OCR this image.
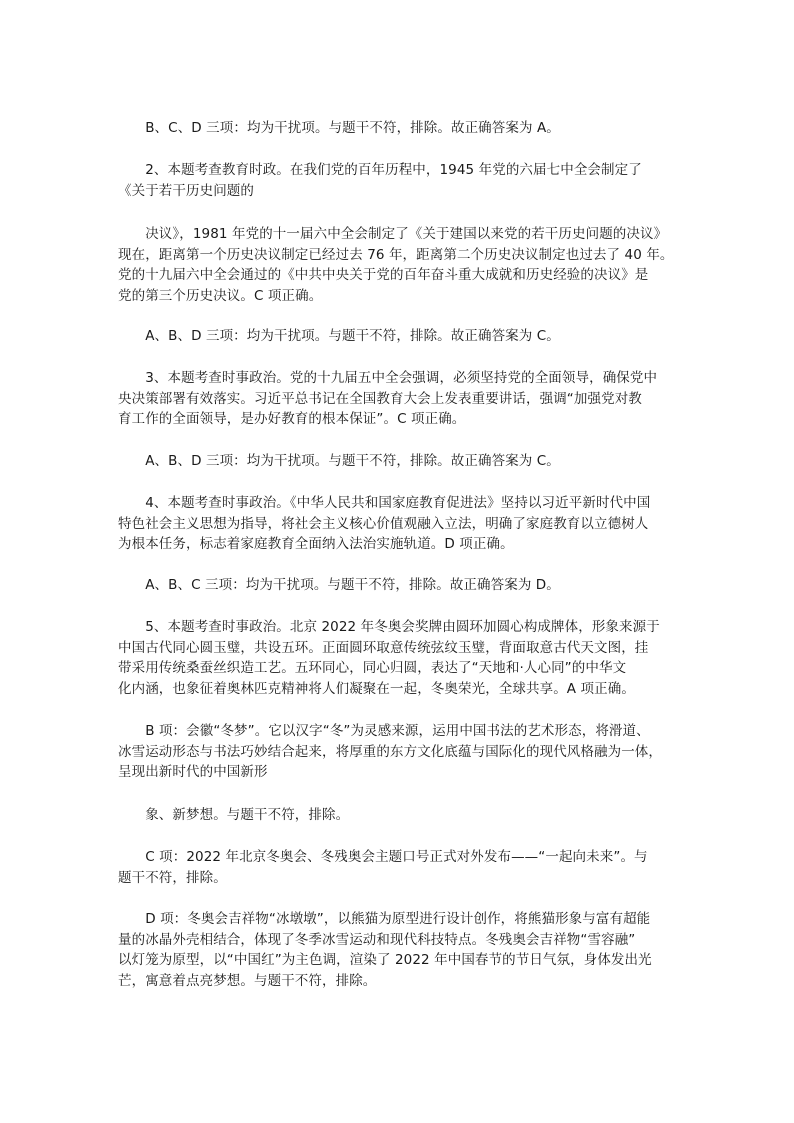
　　B、C、D 三项：均为干扰项。与题干不符，排除。故正确答案为 A。
　　2、本题考查教育时政。在我们党的百年历程中，1945 年党的六届七中全会制定了
《关于若干历史问题的
　　决议》，1981 年党的十一届六中全会制定了《关于建国以来党的若干历史问题的决议》
现在，距离第一个历史决议制定已经过去 76 年，距离第二个历史决议制定也过去了 40 年。
党的十九届六中全会通过的《中共中央关于党的百年奋斗重大成就和历史经验的决议》是
党的第三个历史决议。C 项正确。
　　A、B、D 三项：均为干扰项。与题干不符，排除。故正确答案为 C。
　　3、本题考查时事政治。党的十九届五中全会强调，必须坚持党的全面领导，确保党中
央决策部署有效落实。习近平总书记在全国教育大会上发表重要讲话，强调“加强党对教
育工作的全面领导，是办好教育的根本保证”。C 项正确。
　　A、B、D 三项：均为干扰项。与题干不符，排除。故正确答案为 C。
　　4、本题考查时事政治。《中华人民共和国家庭教育促进法》坚持以习近平新时代中国
特色社会主义思想为指导，将社会主义核心价值观融入立法，明确了家庭教育以立德树人
为根本任务，标志着家庭教育全面纳入法治实施轨道。D 项正确。
　　A、B、C 三项：均为干扰项。与题干不符，排除。故正确答案为 D。
　　5、本题考查时事政治。北京 2022 年冬奥会奖牌由圆环加圆心构成牌体，形象来源于
中国古代同心圆玉璧，共设五环。正面圆环取意传统弦纹玉璧，背面取意古代天文图，挂
带采用传统桑蚕丝织造工艺。五环同心，同心归圆，表达了“天地和·人心同”的中华文
化内涵，也象征着奥林匹克精神将人们凝聚在一起，冬奥荣光，全球共享。A 项正确。
　　B 项：会徽“冬梦”。它以汉字“冬”为灵感来源，运用中国书法的艺术形态，将滑道、
冰雪运动形态与书法巧妙结合起来，将厚重的东方文化底蕴与国际化的现代风格融为一体，
呈现出新时代的中国新形
　　象、新梦想。与题干不符，排除。
　　C 项：2022 年北京冬奥会、冬残奥会主题口号正式对外发布——“一起向未来”。与
题干不符，排除。
　　D 项：冬奥会吉祥物“冰墩墩”，以熊猫为原型进行设计创作，将熊猫形象与富有超能
量的冰晶外壳相结合，体现了冬季冰雪运动和现代科技特点。冬残奥会吉祥物“雪容融”
以灯笼为原型，以“中国红”为主色调，渲染了 2022 年中国春节的节日气氛，身体发出光
芒，寓意着点亮梦想。与题干不符，排除。
